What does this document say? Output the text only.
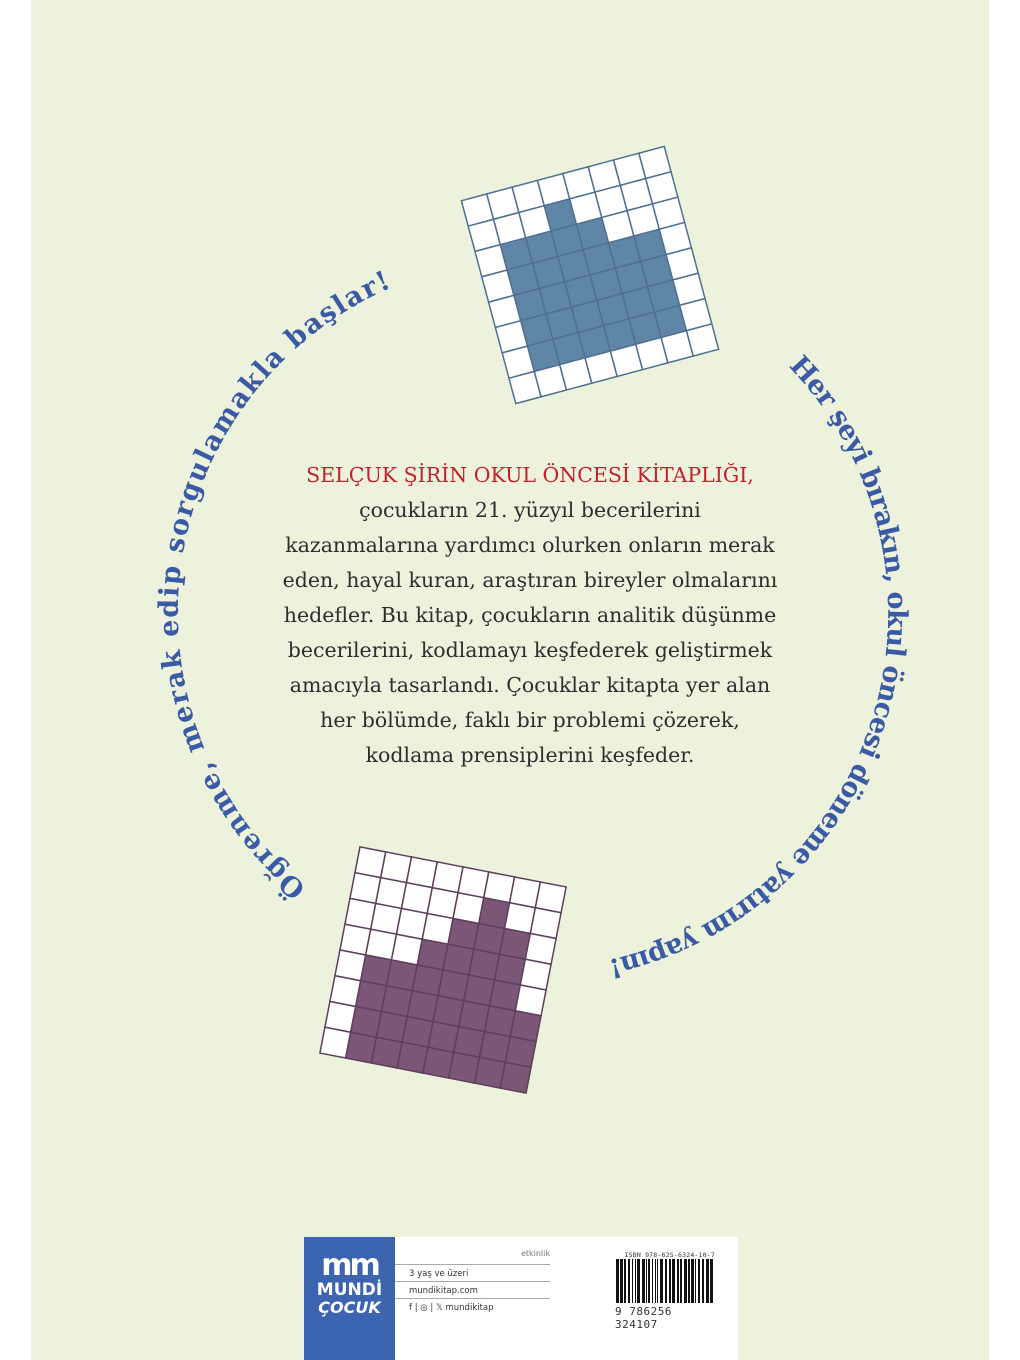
Öğrenme, merak edip sorgulamakla başlar!
Her şeyi bırakın, okul öncesi döneme yatırım yapın!
SELÇUK ŞİRİN OKUL ÖNCESİ KİTAPLIĞI,
çocukların 21. yüzyıl becerilerini
kazanmalarına yardımcı olurken onların merak
eden, hayal kuran, araştıran bireyler olmalarını
hedefler. Bu kitap, çocukların analitik düşünme
becerilerini, kodlamayı keşfederek geliştirmek
amacıyla tasarlandı. Çocuklar kitapta yer alan
her bölümde, faklı bir problemi çözerek,
kodlama prensiplerini keşfeder.
mm
MUNDİ
ÇOCUK
etkinlik
3 yaş ve üzeri
mundikitap.com
f | ◎ | 𝕏 mundikitap
ISBN 978-625-6324-10-7
9 786256 324107
